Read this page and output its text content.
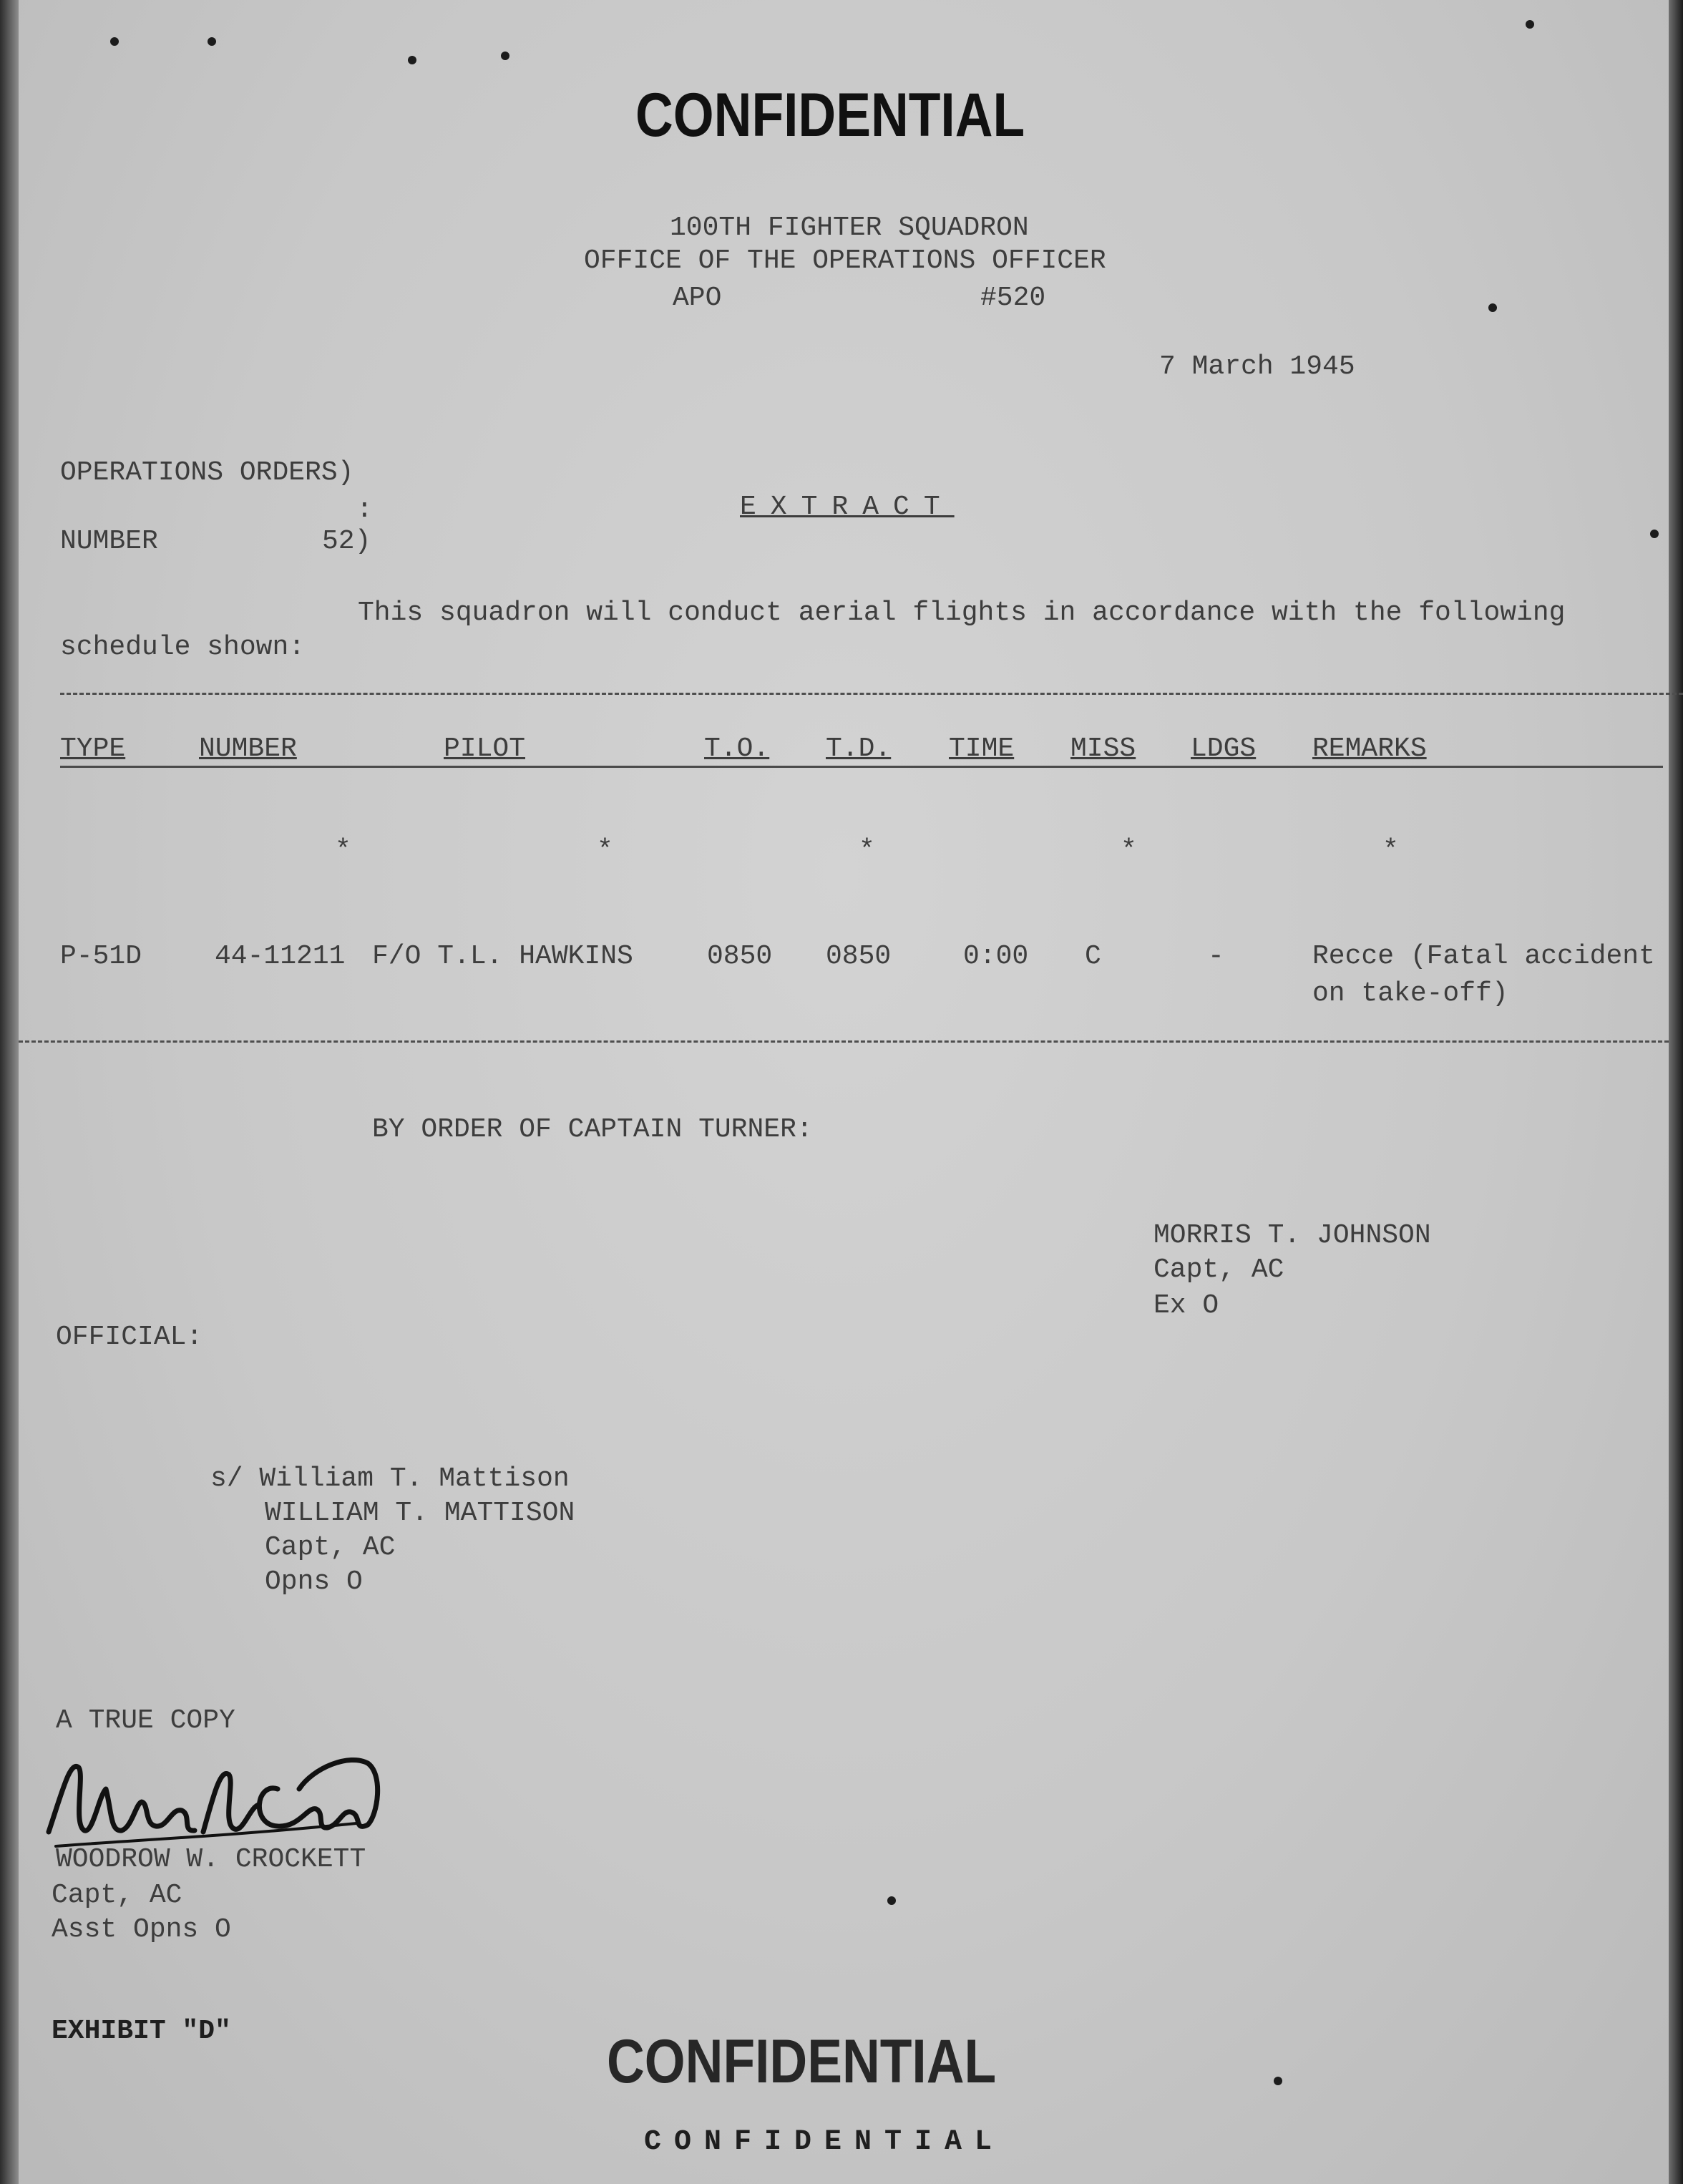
CONFIDENTIAL
100TH FIGHTER SQUADRON
OFFICE OF THE OPERATIONS OFFICER
APO	#520
7 March 1945
OPERATIONS ORDERS)
:
NUMBER	52)
EXTRACT
This squadron will conduct aerial flights in accordance with the following
schedule shown:
TYPE	NUMBER	PILOT	T.O. T.D. TIME MISS LDGS REMARKS
*	*	*	*	*
P-51D	44-11211 F/O T.L. HAWKINS	0850 0850	0:00 C	-	Recce (Fatal accident
on take-off)
BY ORDER OF CAPTAIN TURNER:
MORRIS T. JOHNSON
Capt, AC
Ex O
OFFICIAL:
s/ William T. Mattison
WILLIAM T. MATTISON
Capt, AC
Opns O
A TRUE COPY
WOODROW W. CROCKETT
Capt, AC
Asst Opns O
EXHIBIT "D"	CONFIDENTIAL
CONFIDENTIAL
